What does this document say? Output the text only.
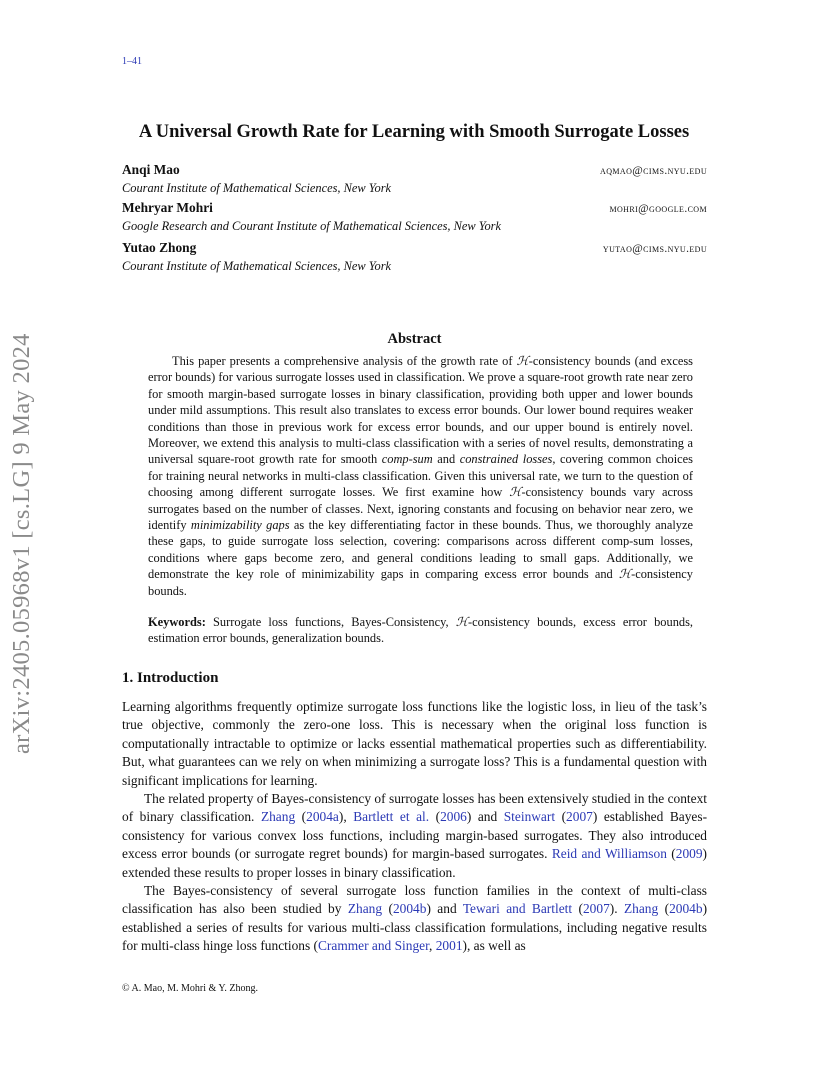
1–41
A Universal Growth Rate for Learning with Smooth Surrogate Losses
Anqi Mao	aqmao@cims.nyu.edu
Courant Institute of Mathematical Sciences, New York
Mehryar Mohri	mohri@google.com
Google Research and Courant Institute of Mathematical Sciences, New York
Yutao Zhong	yutao@cims.nyu.edu
Courant Institute of Mathematical Sciences, New York
arXiv:2405.05968v1 [cs.LG] 9 May 2024	Abstract

This paper presents a comprehensive analysis of the growth rate of ℋ-consistency bounds (and excess error bounds) for various surrogate losses used in classification. We prove a square-root growth rate near zero for smooth margin-based surrogate losses in binary classification, providing both upper and lower bounds under mild assumptions. This result also translates to excess error bounds. Our lower bound requires weaker conditions than those in previous work for excess error bounds, and our upper bound is entirely novel. Moreover, we extend this analysis to multi-class classification with a series of novel results, demonstrating a universal square-root growth rate for smooth comp-sum and constrained losses, covering common choices for training neural networks in multi-class classification. Given this universal rate, we turn to the question of choosing among different surrogate losses. We first examine how ℋ-consistency bounds vary across surrogates based on the number of classes. Next, ignoring constants and focusing on behavior near zero, we identify minimizability gaps as the key differentiating factor in these bounds. Thus, we thoroughly analyze these gaps, to guide surrogate loss selection, covering: comparisons across different comp-sum losses, conditions where gaps become zero, and general conditions leading to small gaps. Additionally, we demonstrate the key role of minimizability gaps in comparing excess error bounds and ℋ-consistency bounds.

Keywords: Surrogate loss functions, Bayes-Consistency, ℋ-consistency bounds, excess error bounds, estimation error bounds, generalization bounds.

1. Introduction

Learning algorithms frequently optimize surrogate loss functions like the logistic loss, in lieu of the task’s true objective, commonly the zero-one loss. This is necessary when the original loss function is computationally intractable to optimize or lacks essential mathematical properties such as differentiability. But, what guarantees can we rely on when minimizing a surrogate loss? This is a fundamental question with significant implications for learning.

The related property of Bayes-consistency of surrogate losses has been extensively studied in the context of binary classification. Zhang (2004a), Bartlett et al. (2006) and Steinwart (2007) established Bayes-consistency for various convex loss functions, including margin-based surrogates. They also introduced excess error bounds (or surrogate regret bounds) for margin-based surrogates. Reid and Williamson (2009) extended these results to proper losses in binary classification.

The Bayes-consistency of several surrogate loss function families in the context of multi-class classification has also been studied by Zhang (2004b) and Tewari and Bartlett (2007). Zhang (2004b) established a series of results for various multi-class classification formulations, including negative results for multi-class hinge loss functions (Crammer and Singer, 2001), as well as

© A. Mao, M. Mohri & Y. Zhong.
